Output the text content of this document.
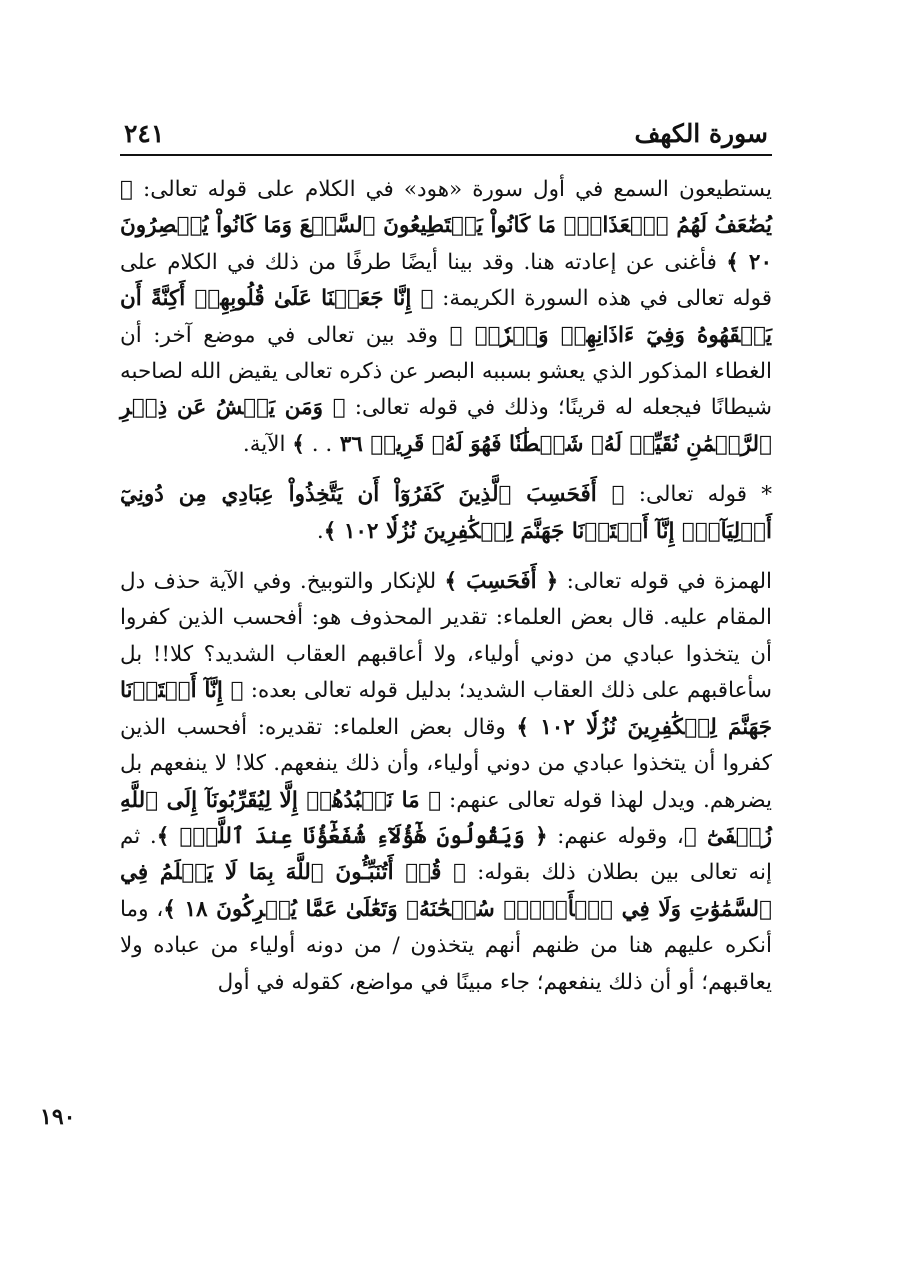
سورة الكهف
٢٤١

يستطيعون السمع في أول سورة «هود» في الكلام على قوله تعالى: ﴿ يُضَٰعَفُ لَهُمُ ٱلۡعَذَابُۚ مَا كَانُواْ يَسۡتَطِيعُونَ ٱلسَّمۡعَ وَمَا كَانُواْ يُبۡصِرُونَ ٢٠ ﴾ فأغنى عن إعادته هنا. وقد بينا أيضًا طرفًا من ذلك في الكلام على قوله تعالى في هذه السورة الكريمة: ﴿ إِنَّا جَعَلۡنَا عَلَىٰ قُلُوبِهِمۡ أَكِنَّةً أَن يَفۡقَهُوهُ وَفِيٓ ءَاذَانِهِمۡ وَقۡرٗاۖ ﴾ وقد بين تعالى في موضع آخر: أن الغطاء المذكور الذي يعشو بسببه البصر عن ذكره تعالى يقيض الله لصاحبه شيطانًا فيجعله له قرينًا؛ وذلك في قوله تعالى: ﴿ وَمَن يَعۡشُ عَن ذِكۡرِ ٱلرَّحۡمَٰنِ نُقَيِّضۡ لَهُۥ شَيۡطَٰنٗا فَهُوَ لَهُۥ قَرِينٞ ٣٦ . . ﴾ الآية.

* قوله تعالى: ﴿ أَفَحَسِبَ ٱلَّذِينَ كَفَرُوٓاْ أَن يَتَّخِذُواْ عِبَادِي مِن دُونِيٓ أَوۡلِيَآءَۚ إِنَّآ أَعۡتَدۡنَا جَهَنَّمَ لِلۡكَٰفِرِينَ نُزُلٗا ١٠٢ ﴾.

الهمزة في قوله تعالى: ﴿ أَفَحَسِبَ ﴾ للإنكار والتوبيخ. وفي الآية حذف دل المقام عليه. قال بعض العلماء: تقدير المحذوف هو: أفحسب الذين كفروا أن يتخذوا عبادي من دوني أولياء، ولا أعاقبهم العقاب الشديد؟ كلا!! بل سأعاقبهم على ذلك العقاب الشديد؛ بدليل قوله تعالى بعده: ﴿ إِنَّآ أَعۡتَدۡنَا جَهَنَّمَ لِلۡكَٰفِرِينَ نُزُلٗا ١٠٢ ﴾ وقال بعض العلماء: تقديره: أفحسب الذين كفروا أن يتخذوا عبادي من دوني أولياء، وأن ذلك ينفعهم. كلا! لا ينفعهم بل يضرهم. ويدل لهذا قوله تعالى عنهم: ﴿ مَا نَعۡبُدُهُمۡ إِلَّا لِيُقَرِّبُونَآ إِلَى ٱللَّهِ زُلۡفَىٰٓ ﴾، وقوله عنهم: ﴿ وَيَقُولُونَ هَٰٓؤُلَآءِ شُفَعَٰٓؤُنَا عِندَ ٱللَّهِۚ ﴾. ثم إنه تعالى بين بطلان ذلك بقوله: ﴿ قُلۡ أَتُنَبِّـُٔونَ ٱللَّهَ بِمَا لَا يَعۡلَمُ فِي ٱلسَّمَٰوَٰتِ وَلَا فِي ٱلۡأَرۡضِۚ سُبۡحَٰنَهُۥ وَتَعَٰلَىٰ عَمَّا يُشۡرِكُونَ ١٨ ﴾، وما أنكره عليهم هنا من ظنهم أنهم يتخذون / من دونه أولياء من عباده ولا يعاقبهم؛ أو أن ذلك ينفعهم؛ جاء مبينًا في مواضع، كقوله في أول

١٩٠
